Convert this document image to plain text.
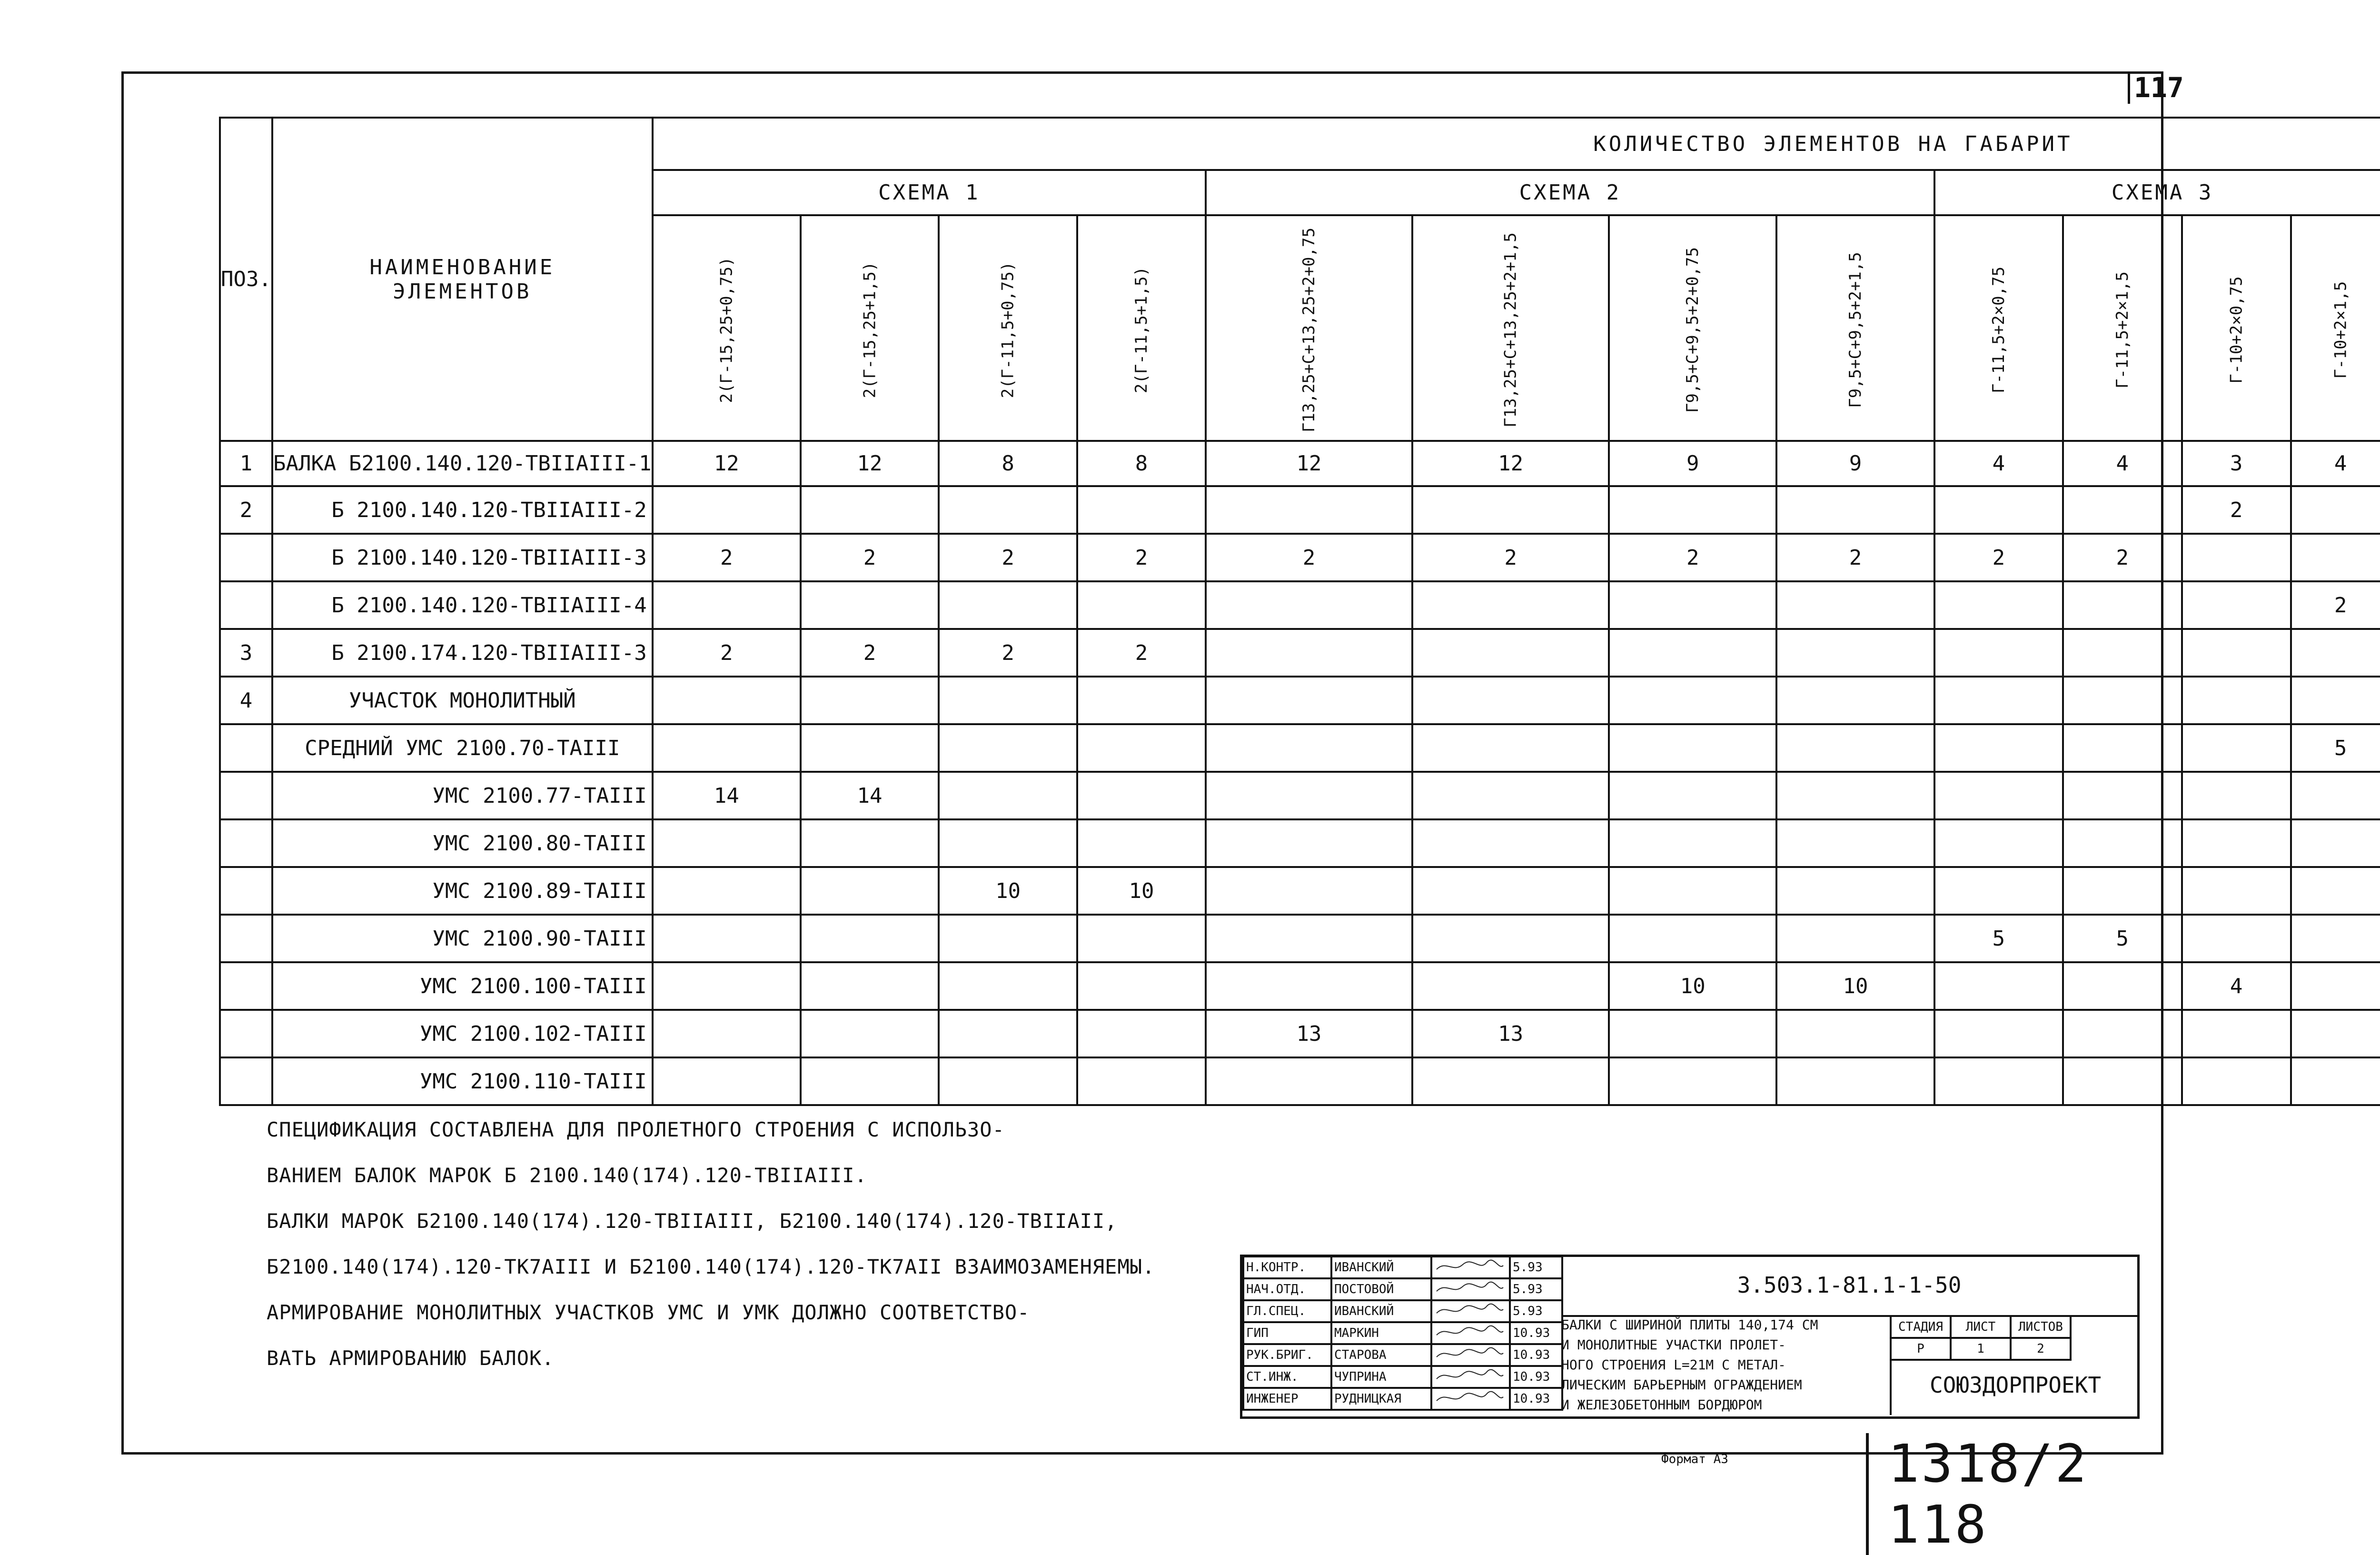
117
ПОЗ.	НАИМЕНОВАНИЕ ЭЛЕМЕНТОВ	КОЛИЧЕСТВО ЭЛЕМЕНТОВ НА ГАБАРИТ		
		СХЕМА 1				СХЕМА 2				СХЕМА 3	
		2(Г-15,25+0,75)	2(Г-15,25+1,5)	2(Г-11,5+0,75)	2(Г-11,5+1,5)	Г13,25+С+13,25+2+0,75	Г13,25+С+13,25+2+1,5	Г9,5+С+9,5+2+0,75	Г9,5+С+9,5+2+1,5	Г-11,5+2×0,75	Г-11,5+2×1,5	Г-10+2×0,75	Г-10+2×1,5								
1	БАЛКА Б2100.140.120-ТВIIАIII-1	12	12	8	8	12	12	9	9	4	4	3	4									
2	Б 2100.140.120-ТВIIАIII-2											2										
	Б 2100.140.120-ТВIIАIII-3	2	2	2	2	2	2	2	2	2	2										
	Б 2100.140.120-ТВIIАIII-4												2								
3	Б 2100.174.120-ТВIIАIII-3	2	2	2	2																	
4	УЧАСТОК МОНОЛИТНЫЙ																					
	СРЕДНИЙ УМС 2100.70-ТАIII												5								
	УМС 2100.77-ТАIII	14	14																		
	УМС 2100.80-ТАIII																				
	УМС 2100.89-ТАIII			10	10																
	УМС 2100.90-ТАIII									5	5										
	УМС 2100.100-ТАIII							10	10			4									
	УМС 2100.102-ТАIII					13	13														
	УМС 2100.110-ТАIII																				
СПЕЦИФИКАЦИЯ СОСТАВЛЕНА ДЛЯ ПРОЛЕТНОГО СТРОЕНИЯ С ИСПОЛЬЗО-
ВАНИЕМ БАЛОК МАРОК Б 2100.140(174).120-ТВIIАIII.
БАЛКИ МАРОК Б2100.140(174).120-ТВIIАIII, Б2100.140(174).120-ТВIIАII,
Б2100.140(174).120-ТК7АIII И Б2100.140(174).120-ТК7АII ВЗАИМОЗАМЕНЯЕМЫ.
АРМИРОВАНИЕ МОНОЛИТНЫХ УЧАСТКОВ УМС И УМК ДОЛЖНО СООТВЕТСТВО-
ВАТЬ АРМИРОВАНИЮ БАЛОК.
Н.КОНТР.	ИВАНСКИЙ		5.93
НАЧ.ОТД.	ПОСТОВОЙ		5.93
ГЛ.СПЕЦ.	ИВАНСКИЙ		5.93
ГИП	МАРКИН		10.93
РУК.БРИГ.	СТАРОВА		10.93
СТ.ИНЖ.	ЧУПРИНА		10.93
ИНЖЕНЕР	РУДНИЦКАЯ		10.93
3.503.1-81.1-1-50
БАЛКИ С ШИРИНОЙ ПЛИТЫ 140,174 СМ
И МОНОЛИТНЫЕ УЧАСТКИ ПРОЛЕТ-
НОГО СТРОЕНИЯ L=21М С МЕТАЛ-
ЛИЧЕСКИМ БАРЬЕРНЫМ ОГРАЖДЕНИЕМ
И ЖЕЛЕЗОБЕТОННЫМ БОРДЮРОМ
СТАДИЯ	ЛИСТ	ЛИСТОВ
Р	1	2
СОЮЗДОРПРОЕКТ
Формат А3	1318/2 118
